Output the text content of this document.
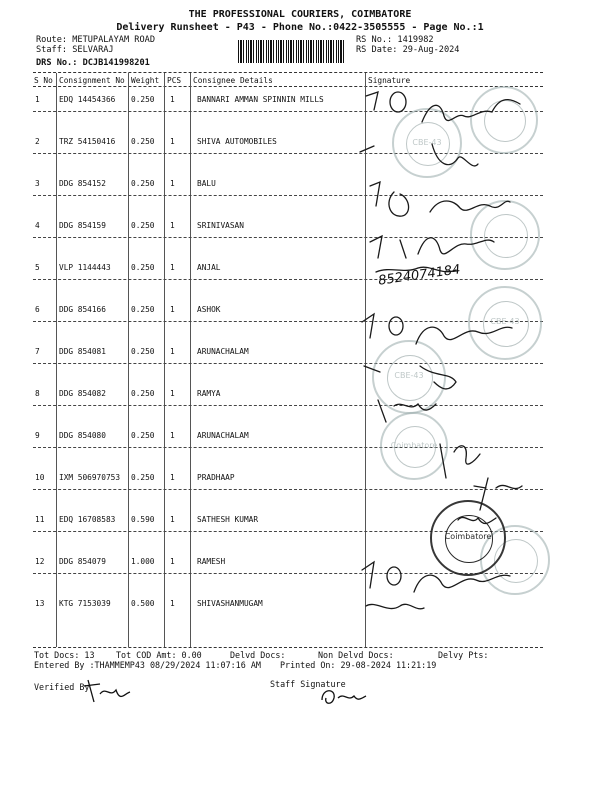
THE PROFESSIONAL COURIERS, COIMBATORE
Delivery Runsheet - P43 - Phone No.:0422-3505555 - Page No.:1
Route: METUPALAYAM ROAD
Staff: SELVARAJ
DRS No.: DCJB141998201
RS No.: 1419982
RS Date: 29-Aug-2024
S No Consignment No Weight PCS Consignee Details	Signature
1 EDQ 14454366 0.250 1	BANNARI AMMAN SPINNIN MILLS
2 TRZ 54150416 0.250 1	SHIVA AUTOMOBILES
3 DDG 854152	0.250 1	BALU
4 DDG 854159	0.250 1	SRINIVASAN
5 VLP 1144443	0.250 1	ANJAL
6 DDG 854166	0.250 1	ASHOK
7 DDG 854081	0.250 1	ARUNACHALAM
8 DDG 854082	0.250 1	RAMYA
9 DDG 854080	0.250 1	ARUNACHALAM
10 IXM 506970753 0.250 1	PRADHAAP
11 EDQ 16708583 0.590 1	SATHESH KUMAR
12 DDG 854079	1.000 1	RAMESH
13 KTG 7153039	0.500 1	SHIVASHANMUGAM
CBE-43
CBE-43
CBE-43
Coimbatore
Coimbatore
8524074184
Tot Docs: 13	Tot COD Amt: 0.00	Delvd Docs:	Non Delvd Docs:	Delvy Pts:
Entered By :THAMMEMP43 08/29/2024 11:07:16 AM Printed On: 29-08-2024 11:21:19
Verified By	Staff Signature
